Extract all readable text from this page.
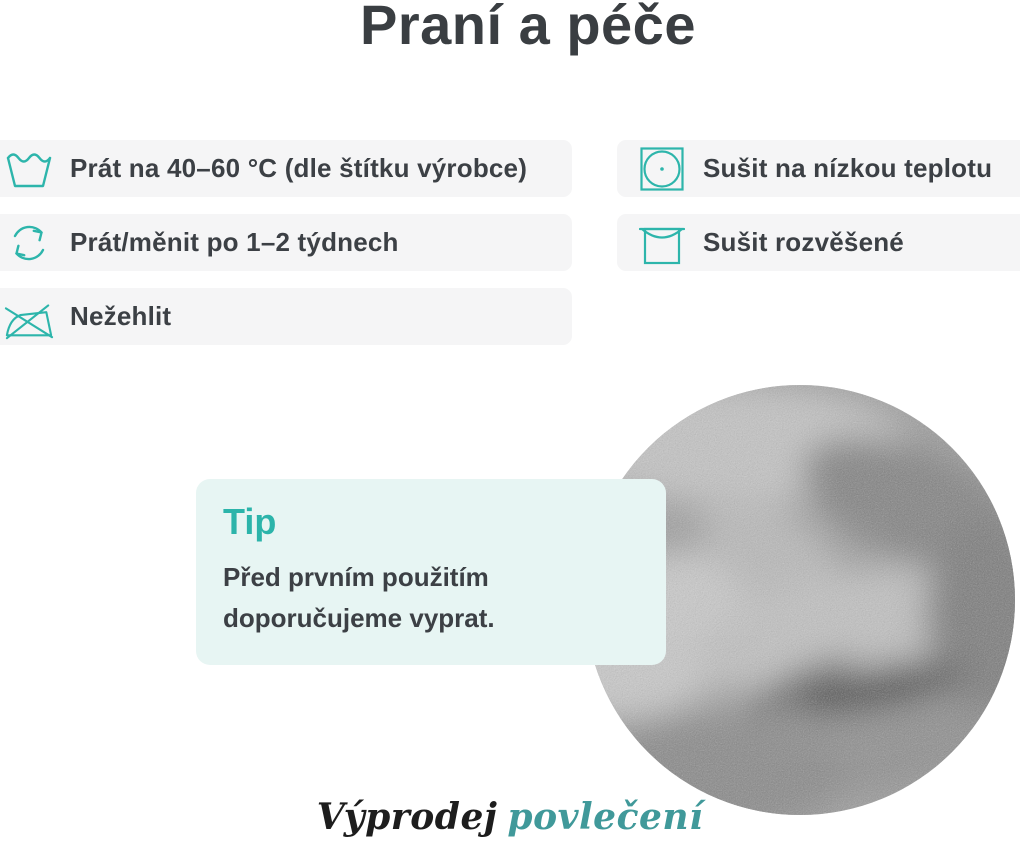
Praní a péče
Prát na 40–60 °C (dle štítku výrobce)
Prát/měnit po 1–2 týdnech
Nežehlit
Sušit na nízkou teplotu
Sušit rozvěšené
Tip
Před prvním použitím doporučujeme vyprat.
Výprodej povlečení
